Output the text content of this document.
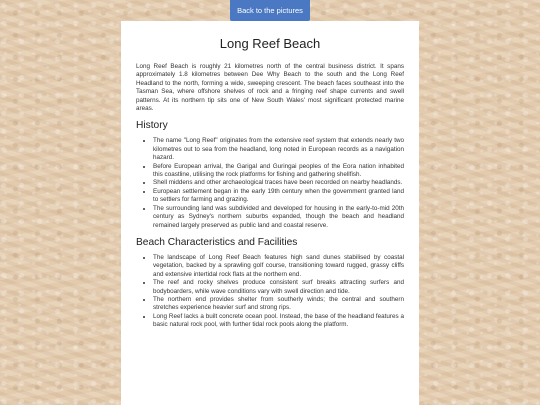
Back to the pictures
Long Reef Beach

Long Reef Beach is roughly 21 kilometres north of the central business district. It spans approximately 1.8 kilometres between Dee Why Beach to the south and the Long Reef Headland to the north, forming a wide, sweeping crescent. The beach faces southeast into the Tasman Sea, where offshore shelves of rock and a fringing reef shape currents and swell patterns. At its northern tip sits one of New South Wales' most significant protected marine areas.

History
• The name "Long Reef" originates from the extensive reef system that extends nearly two kilometres out to sea from the headland, long noted in European records as a navigation hazard.
• Before European arrival, the Garigal and Guringai peoples of the Eora nation inhabited this coastline, utilising the rock platforms for fishing and gathering shellfish.
• Shell middens and other archaeological traces have been recorded on nearby headlands.
• European settlement began in the early 19th century when the government granted land to settlers for farming and grazing.
• The surrounding land was subdivided and developed for housing in the early-to-mid 20th century as Sydney's northern suburbs expanded, though the beach and headland remained largely preserved as public land and coastal reserve.
Beach Characteristics and Facilities
• The landscape of Long Reef Beach features high sand dunes stabilised by coastal vegetation, backed by a sprawling golf course, transitioning toward rugged, grassy cliffs and extensive intertidal rock flats at the northern end.
• The reef and rocky shelves produce consistent surf breaks attracting surfers and bodyboarders, while wave conditions vary with swell direction and tide.
• The northern end provides shelter from southerly winds; the central and southern stretches experience heavier surf and strong rips.
• Long Reef lacks a built concrete ocean pool. Instead, the base of the headland features a basic natural rock pool, with further tidal rock pools along the platform.
